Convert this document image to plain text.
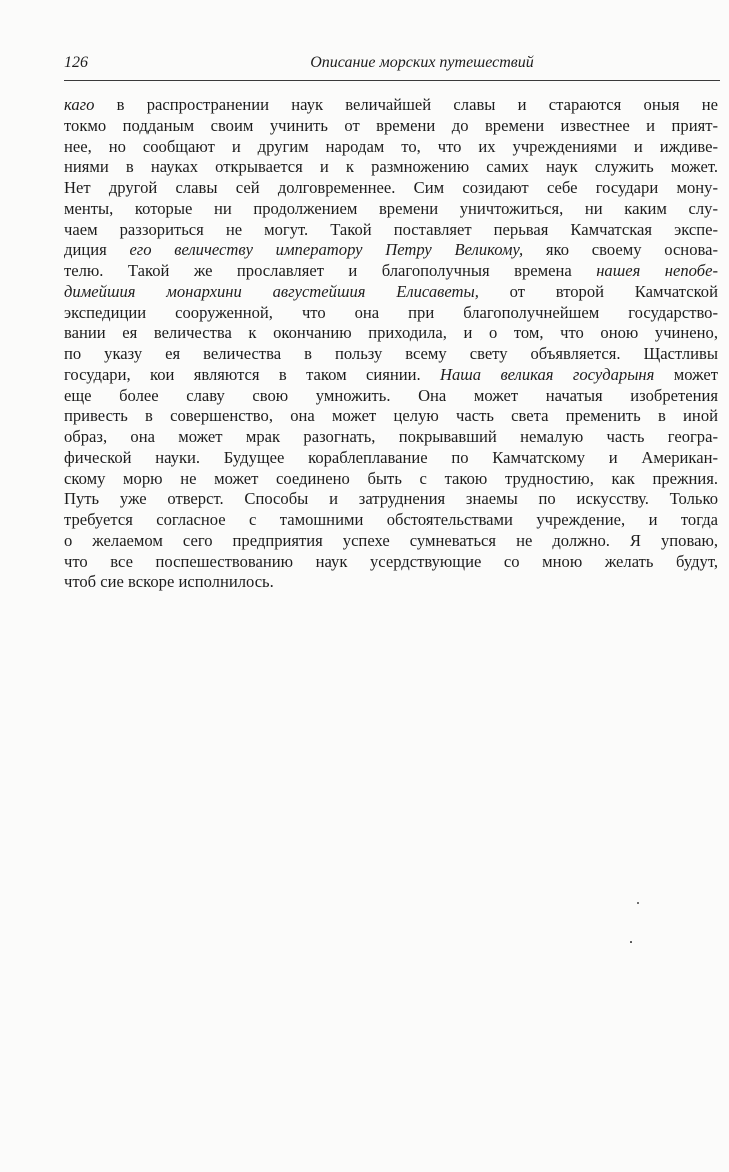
126	Описание морских путешествий
каго в распространении наук величайшей славы и стараются оныя не
токмо подданым своим учинить от времени до времени известнее и прият-
нее, но сообщают и другим народам то, что их учреждениями и иждиве-
ниями в науках открывается и к размножению самих наук служить может.
Нет другой славы сей долговременнее. Сим созидают себе государи мону-
менты, которые ни продолжением времени уничтожиться, ни каким слу-
чаем раззориться не могут. Такой поставляет перьвая Камчатская экспе-
диция его величеству императору Петру Великому, яко своему основа-
телю. Такой же прославляет и благополучныя времена нашея непобе-
димейшия монархини августейшия Елисаветы, от второй Камчатской
экспедиции сооруженной, что она при благополучнейшем государство-
вании ея величества к окончанию приходила, и о том, что оною учинено,
по указу ея величества в пользу всему свету объявляется. Щастливы
государи, кои являются в таком сиянии. Наша великая государыня может
еще более славу свою умножить. Она может начатыя изобретения
привесть в совершенство, она может целую часть света пременить в иной
образ, она может мрак разогнать, покрывавший немалую часть геогра-
фической науки. Будущее кораблеплавание по Камчатскому и Американ-
скому морю не может соединено быть с такою трудностию, как прежния.
Путь уже отверст. Способы и затруднения знаемы по искусству. Только
требуется согласное с тамошними обстоятельствами учреждение, и тогда
о желаемом сего предприятия успехе сумневаться не должно. Я уповаю,
что все поспешествованию наук усердствующие со мною желать будут,
чтоб сие вскоре исполнилось.
